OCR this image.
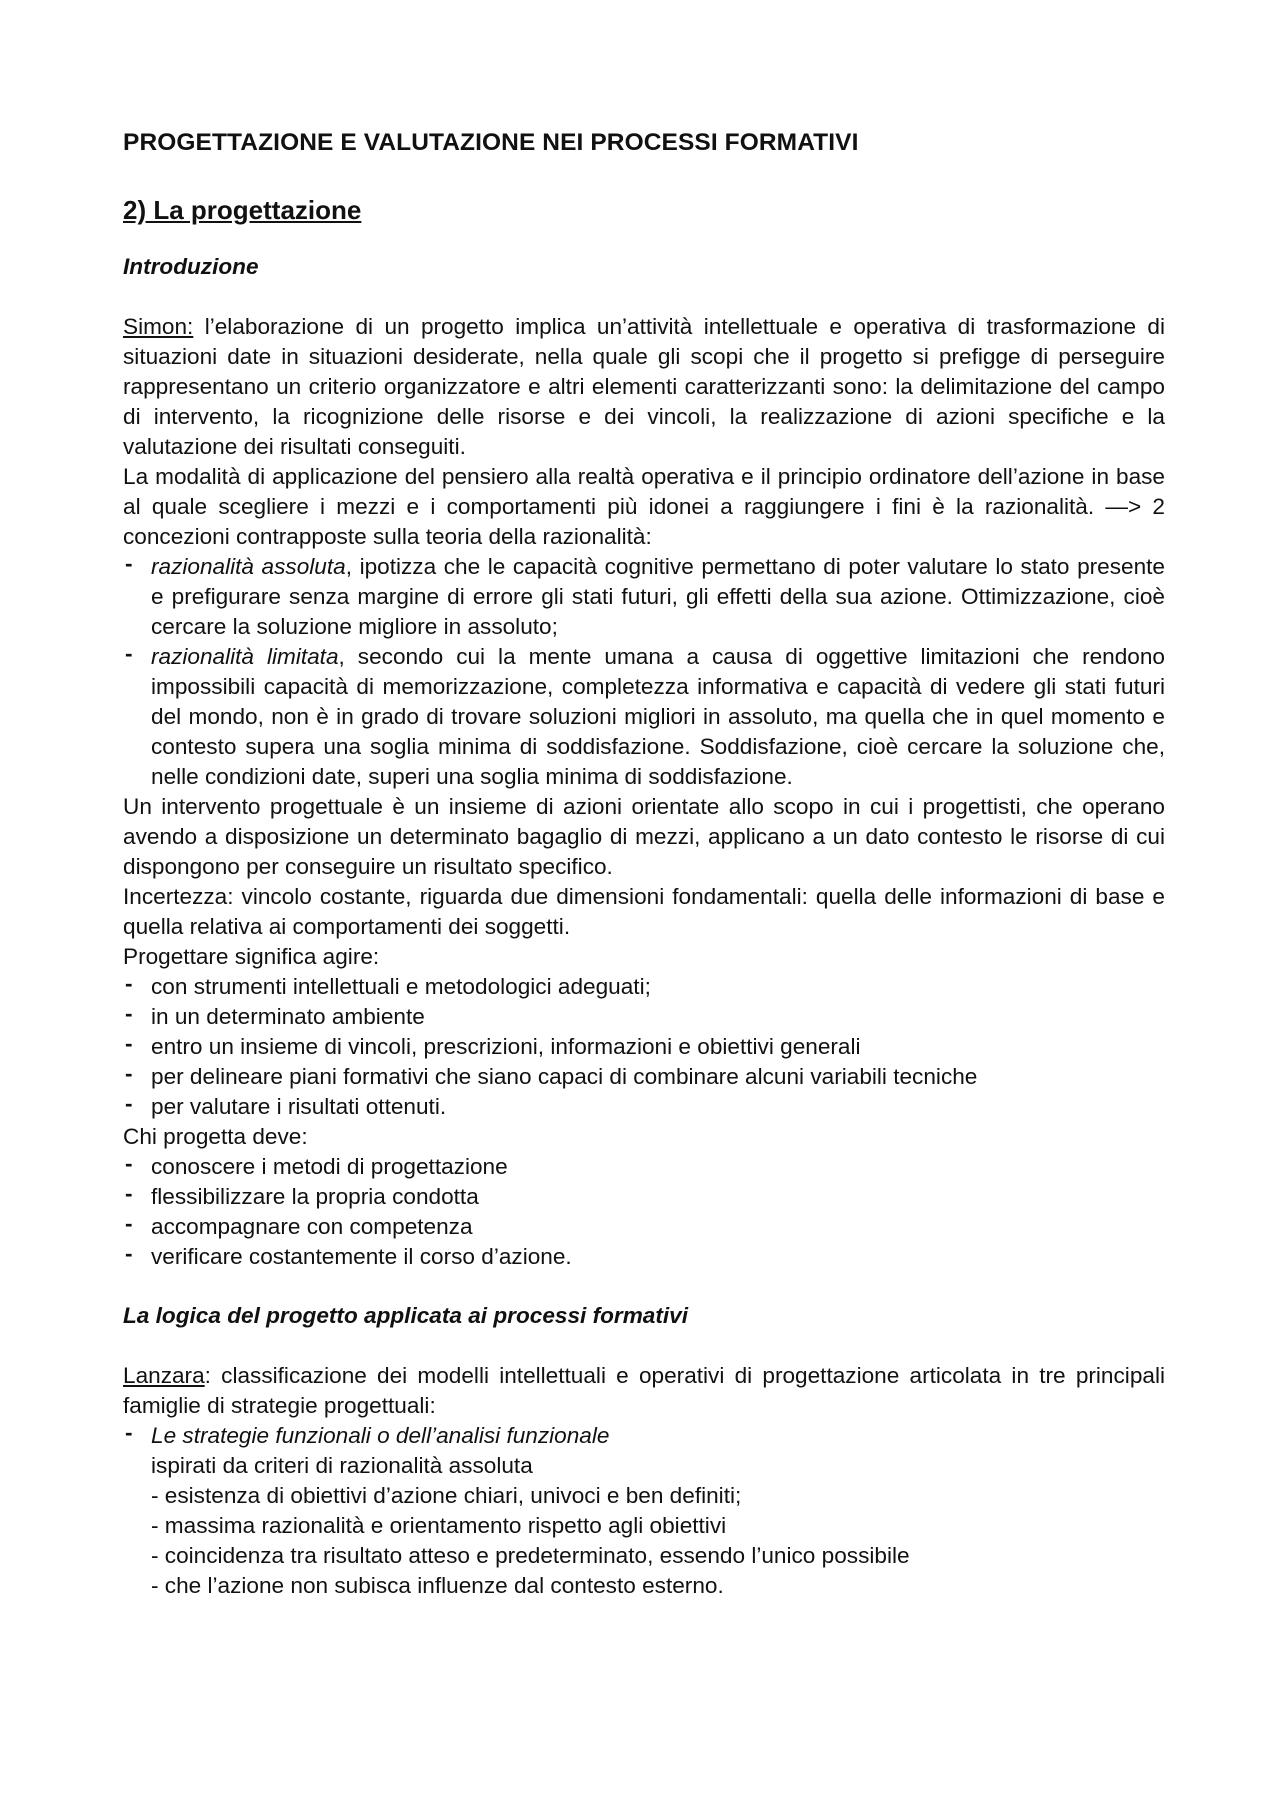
PROGETTAZIONE E VALUTAZIONE NEI PROCESSI FORMATIVI
2) La progettazione
Introduzione

Simon: l’elaborazione di un progetto implica un’attività intellettuale e operativa di trasformazione di situazioni date in situazioni desiderate, nella quale gli scopi che il progetto si prefigge di perseguire rappresentano un criterio organizzatore e altri elementi caratterizzanti sono: la delimitazione del campo di intervento, la ricognizione delle risorse e dei vincoli, la realizzazione di azioni specifiche e la valutazione dei risultati conseguiti.

La modalità di applicazione del pensiero alla realtà operativa e il principio ordinatore dell’azione in base al quale scegliere i mezzi e i comportamenti più idonei a raggiungere i fini è la razionalità. —> 2 concezioni contrapposte sulla teoria della razionalità:

- razionalità assoluta, ipotizza che le capacità cognitive permettano di poter valutare lo stato presente e prefigurare senza margine di errore gli stati futuri, gli effetti della sua azione. Ottimizzazione, cioè cercare la soluzione migliore in assoluto;
- razionalità limitata, secondo cui la mente umana a causa di oggettive limitazioni che rendono impossibili capacità di memorizzazione, completezza informativa e capacità di vedere gli stati futuri del mondo, non è in grado di trovare soluzioni migliori in assoluto, ma quella che in quel momento e contesto supera una soglia minima di soddisfazione. Soddisfazione, cioè cercare la soluzione che, nelle condizioni date, superi una soglia minima di soddisfazione.

Un intervento progettuale è un insieme di azioni orientate allo scopo in cui i progettisti, che operano avendo a disposizione un determinato bagaglio di mezzi, applicano a un dato contesto le risorse di cui dispongono per conseguire un risultato specifico.

Incertezza: vincolo costante, riguarda due dimensioni fondamentali: quella delle informazioni di base e quella relativa ai comportamenti dei soggetti.

Progettare significa agire:

- con strumenti intellettuali e metodologici adeguati;
- in un determinato ambiente
- entro un insieme di vincoli, prescrizioni, informazioni e obiettivi generali
- per delineare piani formativi che siano capaci di combinare alcuni variabili tecniche
- per valutare i risultati ottenuti.

Chi progetta deve:

- conoscere i metodi di progettazione
- flessibilizzare la propria condotta
- accompagnare con competenza
- verificare costantemente il corso d’azione.
La logica del progetto applicata ai processi formativi

Lanzara: classificazione dei modelli intellettuali e operativi di progettazione articolata in tre principali famiglie di strategie progettuali:

- Le strategie funzionali o dell’analisi funzionale
ispirati da criteri di razionalità assoluta
- esistenza di obiettivi d’azione chiari, univoci e ben definiti;
- massima razionalità e orientamento rispetto agli obiettivi
- coincidenza tra risultato atteso e predeterminato, essendo l’unico possibile
- che l’azione non subisca influenze dal contesto esterno.
